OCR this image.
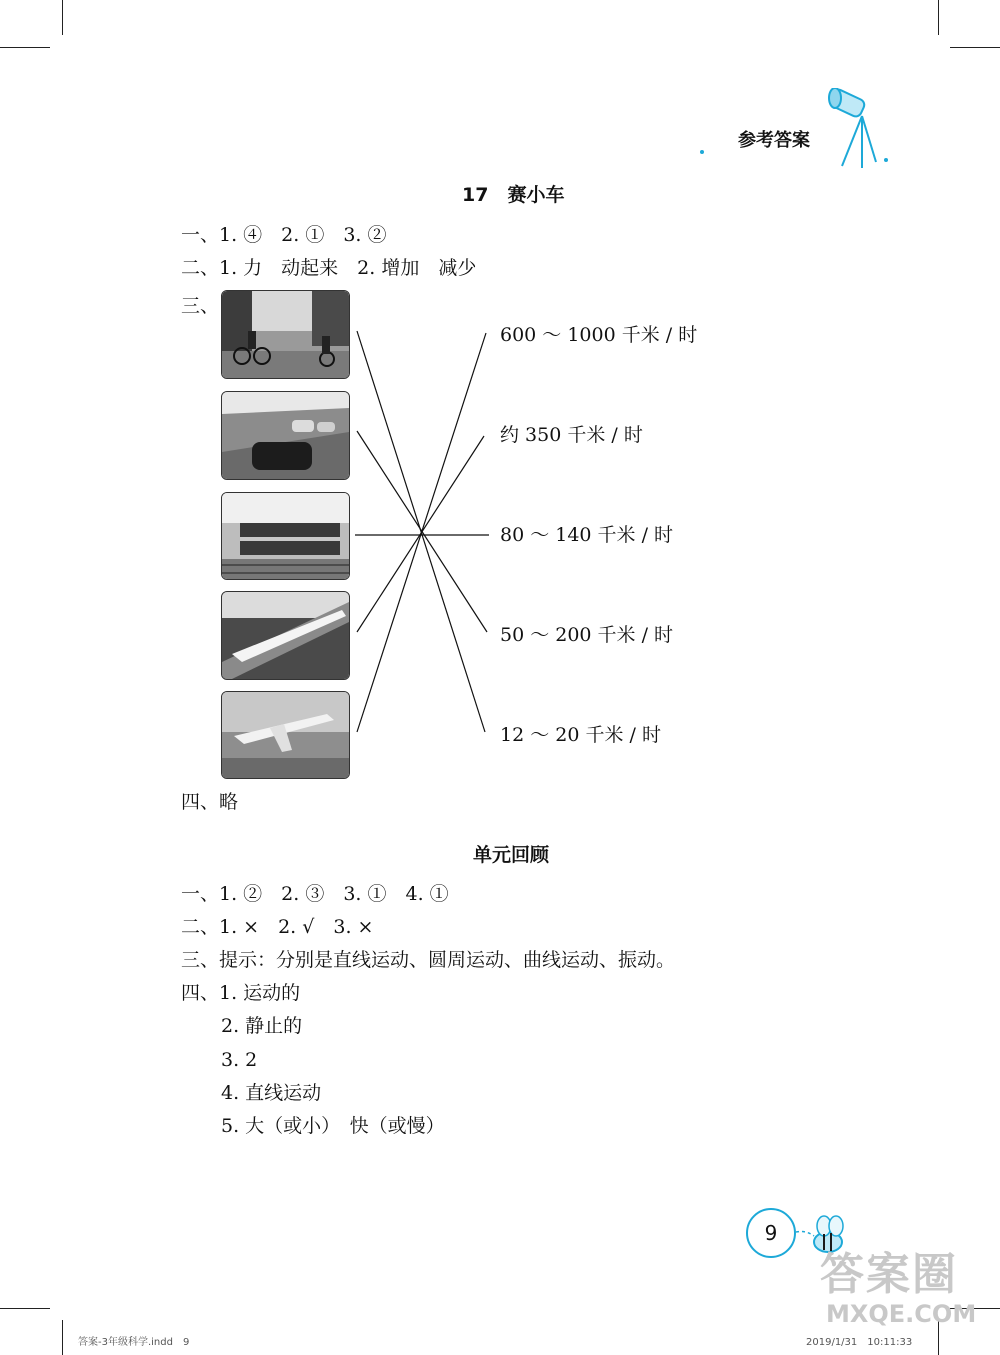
参考答案
17　赛小车
一、1. ④　2. ①　3. ②
二、1. 力　动起来　2. 增加　减少
三、
600 ～ 1000 千米 / 时
约 350 千米 / 时
80 ～ 140 千米 / 时
50 ～ 200 千米 / 时
12 ～ 20 千米 / 时
四、略
单元回顾
一、1. ②　2. ③　3. ①　4. ①
二、1. ×　2. √　3. ×
三、提示：分别是直线运动、圆周运动、曲线运动、振动。
四、1. 运动的
2. 静止的
3. 2
4. 直线运动
5. 大（或小）　快（或慢）
9
答案圈
MXQE.COM
答案-3年级科学.indd　9	2019/1/31　10:11:33
